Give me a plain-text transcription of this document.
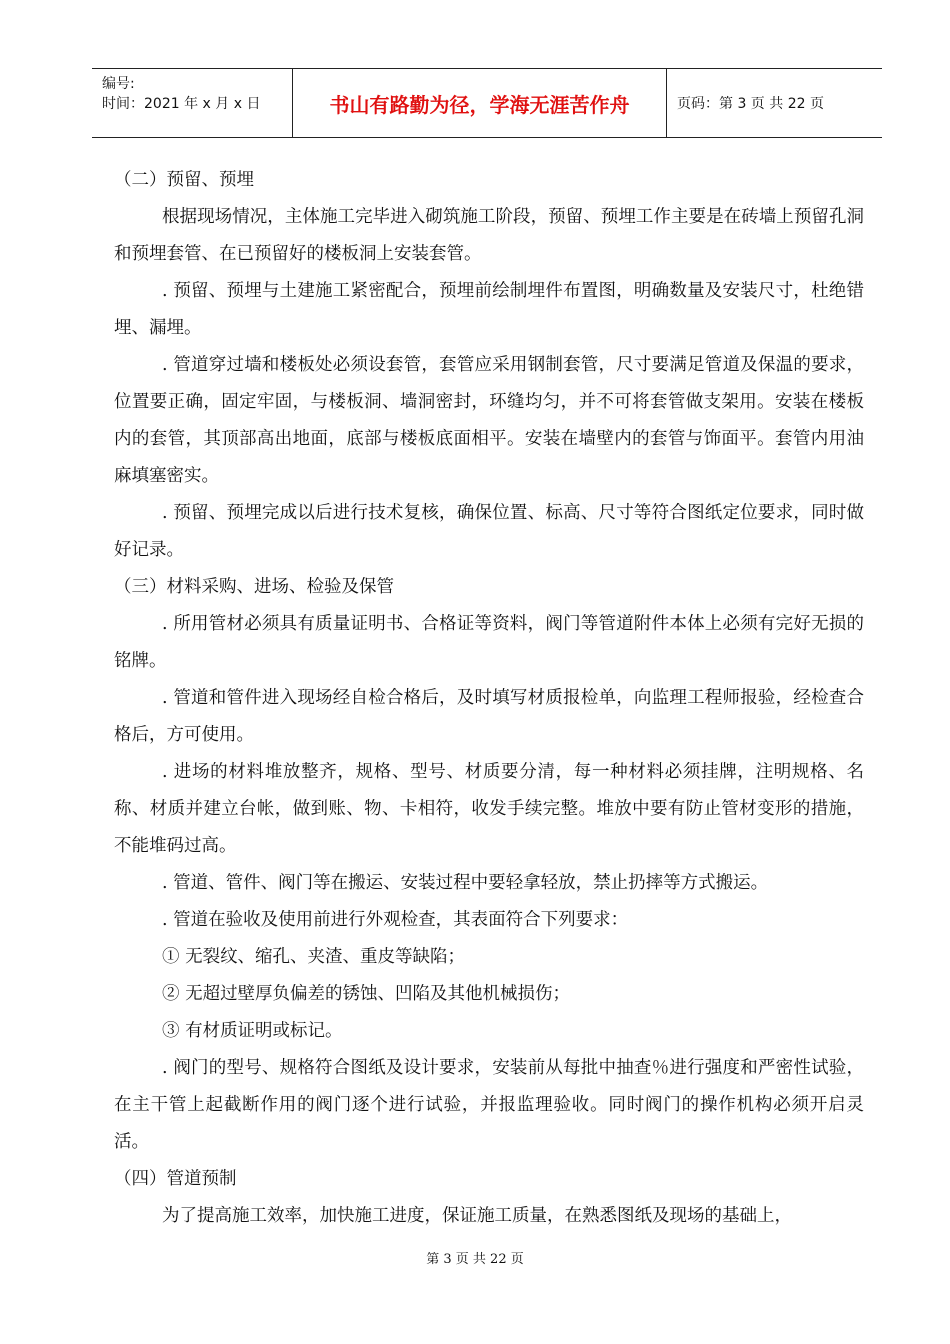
编号:
时间：2021 年 x 月 x 日	书山有路勤为径，学海无涯苦作舟	页码：第 3 页 共 22 页

（二）预留、预埋

根据现场情况，主体施工完毕进入砌筑施工阶段，预留、预埋工作主要是在砖墙上预留孔洞和预埋套管、在已预留好的楼板洞上安装套管。

. 预留、预埋与土建施工紧密配合，预埋前绘制埋件布置图，明确数量及安装尺寸，杜绝错埋、漏埋。

. 管道穿过墙和楼板处必须设套管，套管应采用钢制套管，尺寸要满足管道及保温的要求，位置要正确，固定牢固，与楼板洞、墙洞密封，环缝均匀，并不可将套管做支架用。安装在楼板内的套管，其顶部高出地面，底部与楼板底面相平。安装在墙壁内的套管与饰面平。套管内用油麻填塞密实。

. 预留、预埋完成以后进行技术复核，确保位置、标高、尺寸等符合图纸定位要求，同时做好记录。

（三）材料采购、进场、检验及保管

. 所用管材必须具有质量证明书、合格证等资料，阀门等管道附件本体上必须有完好无损的铭牌。

. 管道和管件进入现场经自检合格后，及时填写材质报检单，向监理工程师报验，经检查合格后，方可使用。

. 进场的材料堆放整齐，规格、型号、材质要分清，每一种材料必须挂牌，注明规格、名称、材质并建立台帐，做到账、物、卡相符，收发手续完整。堆放中要有防止管材变形的措施，不能堆码过高。

. 管道、管件、阀门等在搬运、安装过程中要轻拿轻放，禁止扔摔等方式搬运。

. 管道在验收及使用前进行外观检查，其表面符合下列要求：

① 无裂纹、缩孔、夹渣、重皮等缺陷；

② 无超过壁厚负偏差的锈蚀、凹陷及其他机械损伤；

③ 有材质证明或标记。

. 阀门的型号、规格符合图纸及设计要求，安装前从每批中抽查％进行强度和严密性试验，在主干管上起截断作用的阀门逐个进行试验，并报监理验收。同时阀门的操作机构必须开启灵活。

（四）管道预制

为了提高施工效率，加快施工进度，保证施工质量，在熟悉图纸及现场的基础上，

第 3 页 共 22 页
